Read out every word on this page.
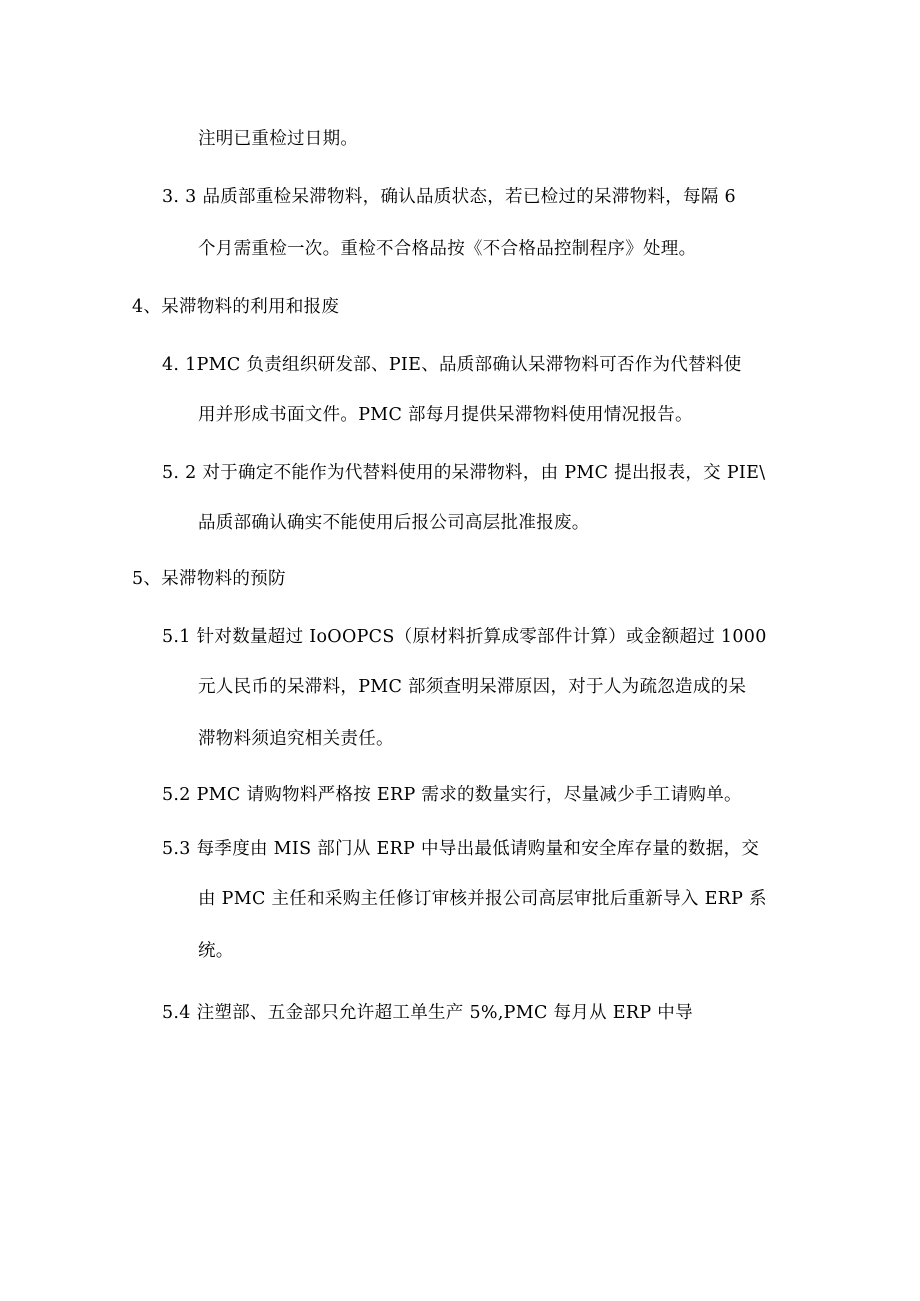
注明已重检过日期。
3. 3 品质部重检呆滞物料，确认品质状态，若已检过的呆滞物料，每隔 6
个月需重检一次。重检不合格品按《不合格品控制程序》处理。
4、呆滞物料的利用和报废
4. 1PMC 负责组织研发部、PIE、品质部确认呆滞物料可否作为代替料使
用并形成书面文件。PMC 部每月提供呆滞物料使用情况报告。
5. 2 对于确定不能作为代替料使用的呆滞物料，由 PMC 提出报表，交 PIE\
品质部确认确实不能使用后报公司高层批准报废。
5、呆滞物料的预防
5.1 针对数量超过 IoOOPCS（原材料折算成零部件计算）或金额超过 1000
元人民币的呆滞料，PMC 部须查明呆滞原因，对于人为疏忽造成的呆
滞物料须追究相关责任。
5.2 PMC 请购物料严格按 ERP 需求的数量实行，尽量减少手工请购单。
5.3 每季度由 MIS 部门从 ERP 中导出最低请购量和安全库存量的数据，交
由 PMC 主任和采购主任修订审核并报公司高层审批后重新导入 ERP 系
统。
5.4 注塑部、五金部只允许超工单生产 5%,PMC 每月从 ERP 中导
